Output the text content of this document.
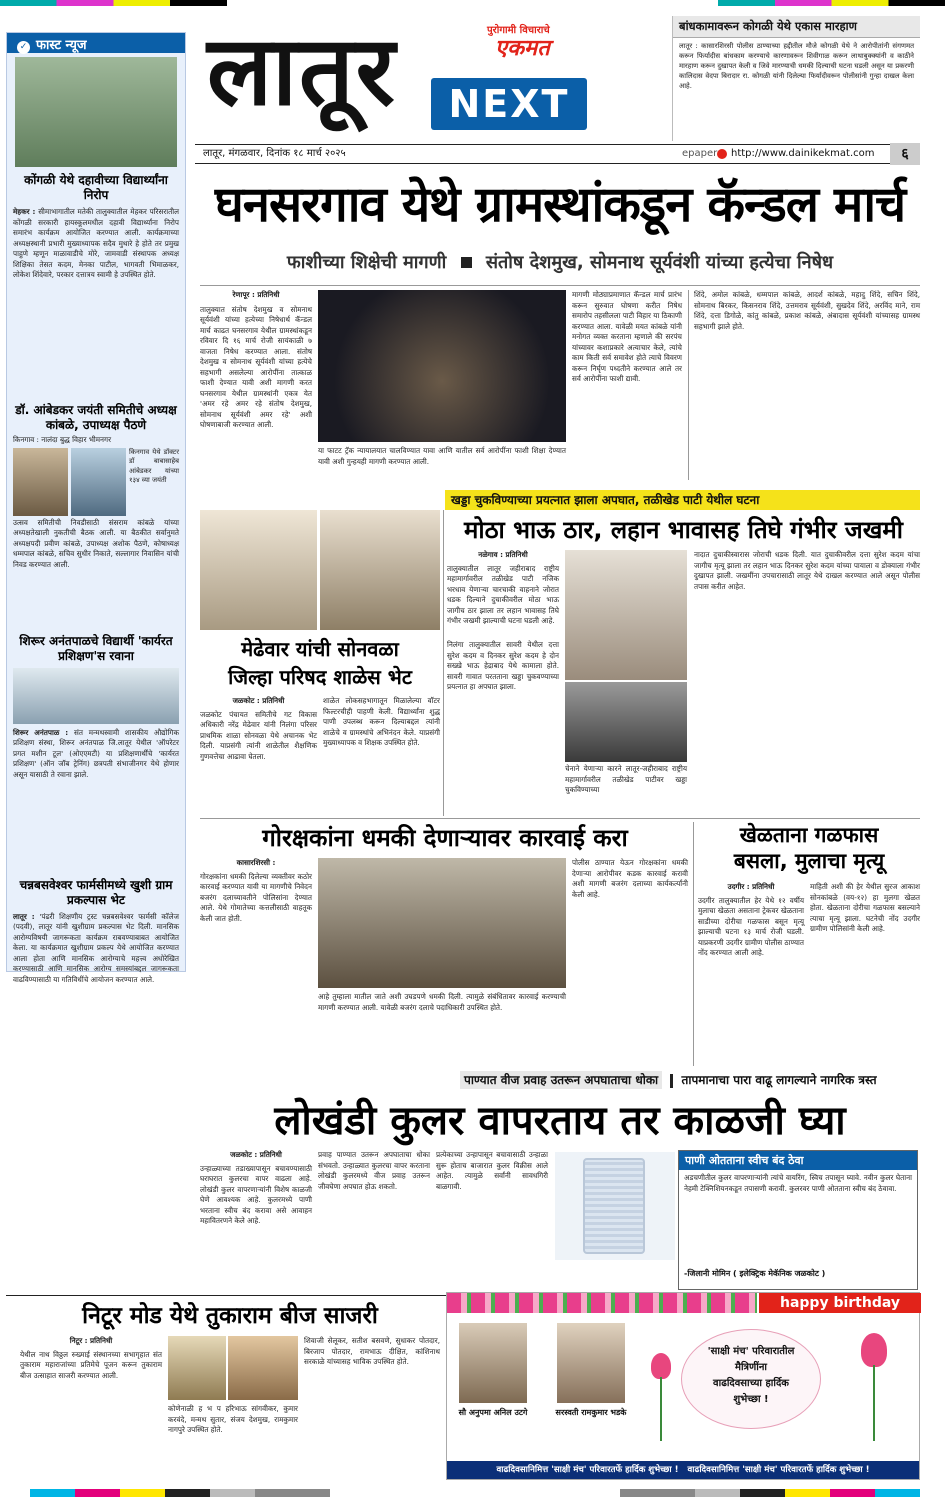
✓ फास्ट न्यूज
कोंगळी येथे दहावीच्या विद्यार्थ्यांना निरोप
मेहकर : सीमाभागातील मतेकी तालुक्यातील मेहकर परिसरातील कोंगळी सरकारी हायस्कूलमधील दहावी विद्यार्थ्यांना निरोप समारंभ कार्यक्रम आयोजित करण्यात आली. कार्यक्रमाच्या अध्यक्षस्थानी प्रभारी मुख्याध्यापक सदैव मुथारे हे होते तर प्रमुख पाहुणे म्हणून माळावाडीचे मोरे, जामवाडी संस्थापक अध्यक्ष शिक्षिका तेसत कदम, मेनका पाटील, भागवती भिमाळकर, लोकेश शिंदेवारे, परकार दत्तात्रय स्वामी हे उपस्थित होते.
डॉ. आंबेडकर जयंती समितीचे अध्यक्ष कांबळे, उपाध्यक्ष पैठणे
किनगाव : नालंदा बुद्ध विहार भीमनगर
किनगाव येथे डॉक्टर डॉ बाबासाहेब आंबेडकर यांच्या १३४ व्या जयंती
उत्सव समितीची निवडीसाठी संसराम कांबळे यांच्या अध्यक्षतेखाली नुकतीची बैठक आली. या बैठकीत सर्वानुमते अध्यक्षपदी प्रवीण कांबळे, उपाध्यक्ष अशोक पैठणे, कोषाध्यक्ष धम्मपाल कांबळे, सचिव सुधीर निकाते, सल्लागार निवासिन यांची निवड करण्यात आली.
शिरूर अनंतपाळचे विद्यार्थी 'कार्यरत प्रशिक्षण'स रवाना
शिरूर अनंतपाळ : संत मन्मथस्वामी शासकीय औद्योगिक प्रशिक्षण संस्था, शिरूर अनंतपाळ जि.लातूर येथील 'ऑपरेटर प्रगत मशीन टूल' (ओएएमटी) या प्रशिक्षणार्थींचे 'कार्यरत प्रशिक्षण' (ऑन जॉब ट्रेनिंग) छत्रपती संभाजीनगर येथे होणार असून यासाठी ते रवाना झाले.
चन्नबसवेश्वर फार्मसीमध्ये खुशी ग्राम प्रकल्पास भेट
लातूर : 'पंढरी शिक्षणीय ट्रस्ट चन्नबसवेश्वर फार्मसी कॉलेज (पदवी), लातूर यांनी खुशीग्राम प्रकल्पास भेट दिली. मानसिक आरोग्यविषयी जागरूकता कार्यक्रम राबवण्याबाबत आयोजित केला. या कार्यक्रमात खुशीग्राम प्रकल्प येथे आयोजित करण्यात आला होता आणि मानसिक आरोग्याचे महत्त्व अधोरेखित करण्यासाठी आणि मानसिक आरोग्य समस्यांबद्दल जागरूकता वाढविण्यासाठी या गतिविधींचे आयोजन करण्यात आले.
लातूर	पुरोगामी विचाराचे
एकमत
NEXT
लातूर, मंगळवार, दिनांक १८ मार्च २०२५	epaper http://www.dainikekmat.com	६
बांधकामावरून कोगळी येथे एकास मारहाण
लातूर : कासारशिरसी पोलीस ठाण्याच्या हद्दीतील मौजे कोगळी येथे ने आरोपीतांनी संगणमत करून फिर्यादीस बांधकाम करण्याचे कारणावरून शिवीगाळ करून लाथाबुक्क्यांनी व काठीने मारहाण करून दुखापत केली व जिवे मारण्याची धमकी दिल्याची घटना घडली असून या प्रकरणी कालिदास वेदपा बिरादार रा. कोगळी यांनी दिलेल्या फिर्यादीवरून पोलीसांनी गुन्हा दाखल केला आहे.
घनसरगाव येथे ग्रामस्थांकडून कॅन्डल मार्च
फाशीच्या शिक्षेची मागणी संतोष देशमुख, सोमनाथ सूर्यवंशी यांच्या हत्येचा निषेध
रेणापूर : प्रतिनिधी
तालुक्यात संतोष देशमुख व सोमनाथ सूर्यवंशी यांच्या हत्येच्या निषेधार्थ कॅन्डल मार्च काढत घनसरगाव येथील ग्रामस्थांकडून रविवार दि १६ मार्च रोजी सायंकाळी ७ वाजता निषेध करण्यात आला. संतोष देशमुख व सोमनाथ सूर्यवंशी यांच्या हत्येचे सहभागी असलेल्या आरोपींना तात्काळ फाशी देण्यात यावी अशी मागणी करत घनसरगाव येथील ग्रामस्थांनी एकत्र येत 'अमर रहे अमर रहे संतोष देशमुख, सोमनाथ सूर्यवंशी अमर रहे' अशी घोषणाबाजी करण्यात आली.
या फाटट ट्रॅक न्यायालयात चालविण्यात यावा आणि यातील सर्व आरोपींना फाशी शिक्षा देण्यात यावी अशी गुन्हयही मागणी करण्यात आली.
मागणी मोठ्याप्रमाणात कॅन्डल मार्च प्रारंभ करून सुरुवात घोषणा करीत निषेध समारोप तहसीलला पाटी विहार या ठिकाणी करण्यात आला. यावेळी मयत कांबळे यांनी मनोगत व्यक्त करताना म्हणाले की सरपंच यांच्यावर कशाप्रकारे अत्याचार केले, त्यांचे काम किती सर्व समावेश होते त्याचे विवरण करून निर्घृण पध्दतीने करण्यात आले तर सर्व आरोपींना फाशी द्यावी.
शिंदे, अमोल कांबळे, धम्मपाल कांबळे, आदर्श कांबळे, महादु शिंदे, सचिन शिंदे, सोमनाथ बिरकर, किसनराव शिंदे, उत्तमराव सूर्यवंशी, सुखदेव शिंदे, अरविंद माने, राम शिंदे, दत्ता डिगोळे, कांतु कांबळे, प्रकाश कांबळे, अंबादास सूर्यवंशी यांच्यासह ग्रामस्थ सहभागी झाले होते.
खड्डा चुकविण्याच्या प्रयत्नात झाला अपघात, तळीखेड पाटी येथील घटना
मेढेवार यांची सोनवळा
जिल्हा परिषद शाळेस भेट
जळकोट : प्रतिनिधी
जळकोट पंचायत समितीचे गट विकास अधिकारी नरेंद्र मेढेवार यांनी निलंगा परिसर प्राथमिक शाळा सोनवळा येथे अचानक भेट दिली. याप्रसंगी त्यांनी शाळेतील शैक्षणिक गुणवत्तेचा आढावा घेतला.
शाळेत लोकसहभागातून मिळालेल्या वॉटर फिल्टरचीही पाहणी केली. विद्यार्थ्यांना शुद्ध पाणी उपलब्ध करून दिल्याबद्दल त्यांनी शाळेचे व ग्रामस्थांचे अभिनंदन केले. याप्रसंगी मुख्याध्यापक व शिक्षक उपस्थित होते.
मोठा भाऊ ठार, लहान भावासह तिघे गंभीर जखमी
नळेगाव : प्रतिनिधी
तालुक्यातील लातूर जहीराबाद राष्ट्रीय महामार्गावरील तळीखेड पाटी नजिक भरधाव येणाऱ्या चारचाकी वाहनाने जोरात धडक दिल्याने दुचाकीवरील मोठा भाऊ जागीच ठार झाला तर लहान भावासह तिघे गंभीर जखमी झाल्याची घटना घडली आहे.
निलंगा तालुक्यातील सावरी येथील दत्ता सुरेश कदम व दिनकर सुरेश कदम हे दोन सख्खे भाऊ हेद्राबाद येथे कामाला होते. सावरी गावात परतताना खड्डा चुकवण्याच्या प्रयत्नात हा अपघात झाला.
चेनाने येणाऱ्या कारने लातूर-जहीराबाद राष्ट्रीय महामार्गावरील तळीखेड पाटीवर खड्डा चुकविण्याच्या
नादात दुचाकीस्वारास जोराची धडक दिली. यात दुचाकीवरील दत्ता सुरेश कदम यांचा जागीच मृत्यू झाला तर लहान भाऊ दिनकर सुरेश कदम यांच्या पायाला व डोक्याला गंभीर दुखापत झाली. जखमींना उपचारासाठी लातूर येथे दाखल करण्यात आले असून पोलीस तपास करीत आहेत.
गोरक्षकांना धमकी देणाऱ्यावर कारवाई करा
कासारशिरसी :
गोरक्षकांना धमकी दिलेल्या व्यक्तीवर कठोर कारवाई करण्यात यावी या मागणीचे निवेदन बजरंग दलाच्यावतीने पोलिसांना देण्यात आले. येथे गोमातेच्या कत्तलीसाठी वाहतूक केली जात होती.
आहे तुम्हाला मातील जाते अशी उघडपणे धमकी दिली. त्यामुळे संबंधितावर कारवाई करण्याची मागणी करण्यात आली. यावेळी बजरंग दलाचे पदाधिकारी उपस्थित होते.
पोलीस ठाण्यात येऊन गोरक्षकांना धमकी देणाऱ्या आरोपीवर कडक कारवाई करावी अशी मागणी बजरंग दलाच्या कार्यकर्त्यांनी केली आहे.
खेळताना गळफास
बसला, मुलाचा मृत्यू
उदगीर : प्रतिनिधी
उदगीर तालुक्यातील हेर येथे १२ वर्षीय मुलाचा खेळता असताना ट्रेकवर खेळताना साडीच्या दोरीचा गळफास बसून मृत्यू झाल्याची घटना १३ मार्च रोजी घडली. याप्रकरणी उदगीर ग्रामीण पोलीस ठाण्यात नोंद करण्यात आली आहे.
माहिती अशी की हेर येथील सुरज आकाश सोनकांबळे (वय-१२) हा मुलगा खेळत होता. खेळताना दोरीचा गळफास बसल्याने त्याचा मृत्यू झाला. घटनेची नोंद उदगीर ग्रामीण पोलिसांनी केली आहे.
पाण्यात वीज प्रवाह उतरून अपघाताचा धोका तापमानाचा पारा वाढू लागल्याने नागरिक त्रस्त
लोखंडी कुलर वापरताय तर काळजी घ्या
जळकोट : प्रतिनिधी
उन्हाळ्याच्या तडाख्यापासून बचावण्यासाठी घराघरात कुलरचा वापर वाढला आहे. लोखंडी कुलर वापरणाऱ्यांनी विशेष काळजी घेणे आवश्यक आहे. कुलरमध्ये पाणी भरताना स्वीच बंद करावा असे आवाहन महावितरणने केले आहे.
प्रवाह पाण्यात उतरून अपघाताचा धोका संभवतो. उन्हाळ्यात कुलरचा वापर करताना लोखंडी कुलरमध्ये वीज प्रवाह उतरून जीवघेणा अपघात होऊ शकतो.
प्रत्येकाच्या उन्हापासून बचावासाठी उन्हाळा सुरू होताच बाजारात कुलर विक्रीस आले आहेत. त्यामुळे सर्वांनी सावधगिरी बाळगावी.
पाणी ओतताना स्वीच बंद ठेवा
अडचणीतील कुलर वापरणाऱ्यांनी त्यांचे वायरिंग, स्विच तपासून घ्यावे. नवीन कुलर घेताना नेहमी टेक्निशियनकडून तपासणी करावी. कुलरवर पाणी ओतताना स्वीच बंद ठेवावा.
-जिलानी मोमिन ( इलेक्ट्रिक मेकॅनिक जळकोट )
निटूर मोड येथे तुकाराम बीज साजरी
निटूर : प्रतिनिधी
येथील नाथ विठ्ठल रुख्माई संस्थानच्या सभागृहात संत तुकाराम महाराजांच्या प्रतिमेचे पूजन करून तुकाराम बीज उत्साहात साजरी करण्यात आली.
कोणेनाळी ह भ प हरिभाऊ सांगवीकर, कुमार करवंदे, मन्मथ सुतार, संजय देशमुख, रामकुमार नागपुरे उपस्थित होते.
शिवाजी सेलूकर, सतीश बसवणे, सुधाकर पोतदार, बिरजाप पोतदार, रामभाऊ दीक्षित, कांशिनाथ सरकाळे यांच्यासह भाविक उपस्थित होते.
happy birthday
सौ अनुपमा अनिल उटगे	सरस्वती रामकुमार भडके
'साक्षी मंच' परिवारातील
मैत्रिणींना
वाढदिवसाच्या हार्दिक
शुभेच्छा !
वाढदिवसानिमित्त 'साक्षी मंच' परिवारतर्फे हार्दिक शुभेच्छा ! वाढदिवसानिमित्त 'साक्षी मंच' परिवारतर्फे हार्दिक शुभेच्छा !
